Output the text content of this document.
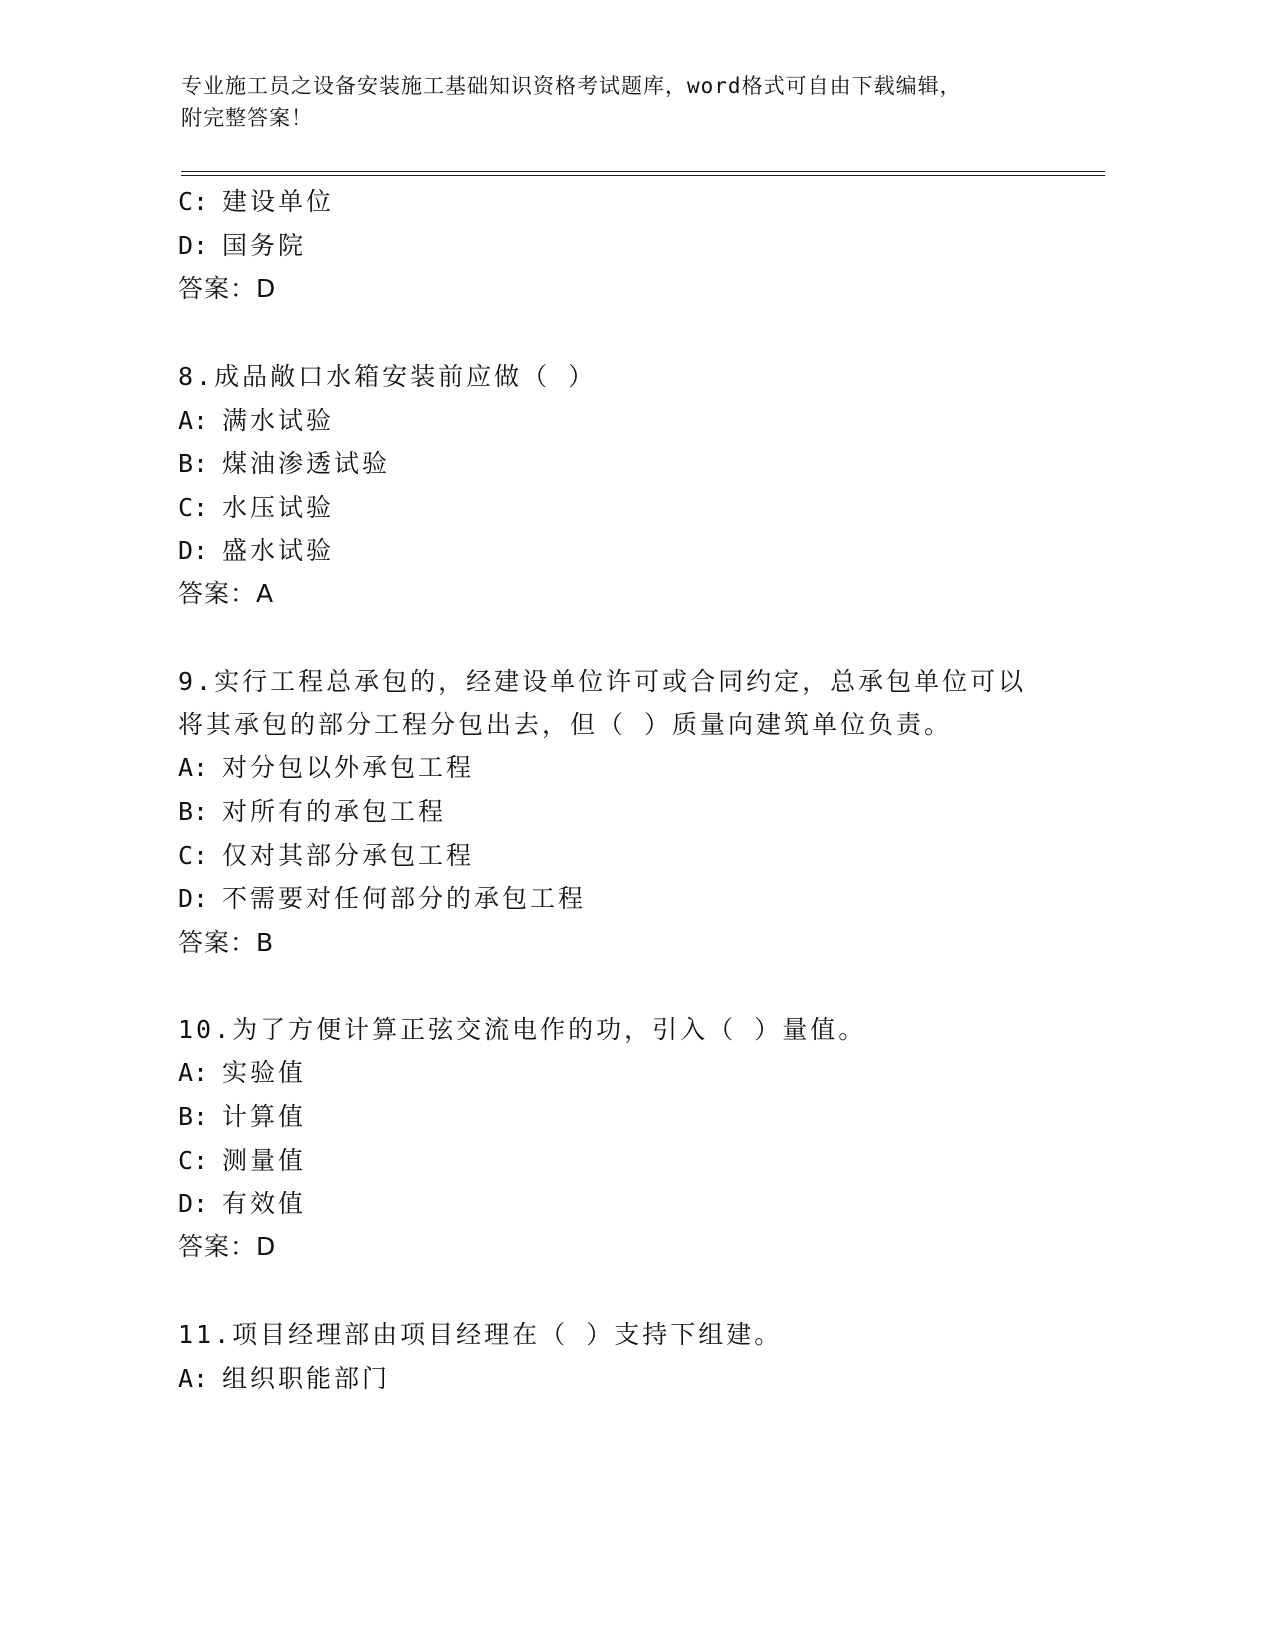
专业施工员之设备安装施工基础知识资格考试题库，word格式可自由下载编辑，
附完整答案！
C: 建设单位
D: 国务院
答案：D
8.成品敞口水箱安装前应做（ ）
A: 满水试验
B: 煤油渗透试验
C: 水压试验
D: 盛水试验
答案：A
9.实行工程总承包的，经建设单位许可或合同约定，总承包单位可以
将其承包的部分工程分包出去，但（ ）质量向建筑单位负责。
A: 对分包以外承包工程
B: 对所有的承包工程
C: 仅对其部分承包工程
D: 不需要对任何部分的承包工程
答案：B
10.为了方便计算正弦交流电作的功，引入（ ）量值。
A: 实验值
B: 计算值
C: 测量值
D: 有效值
答案：D
11.项目经理部由项目经理在（ ）支持下组建。
A: 组织职能部门
